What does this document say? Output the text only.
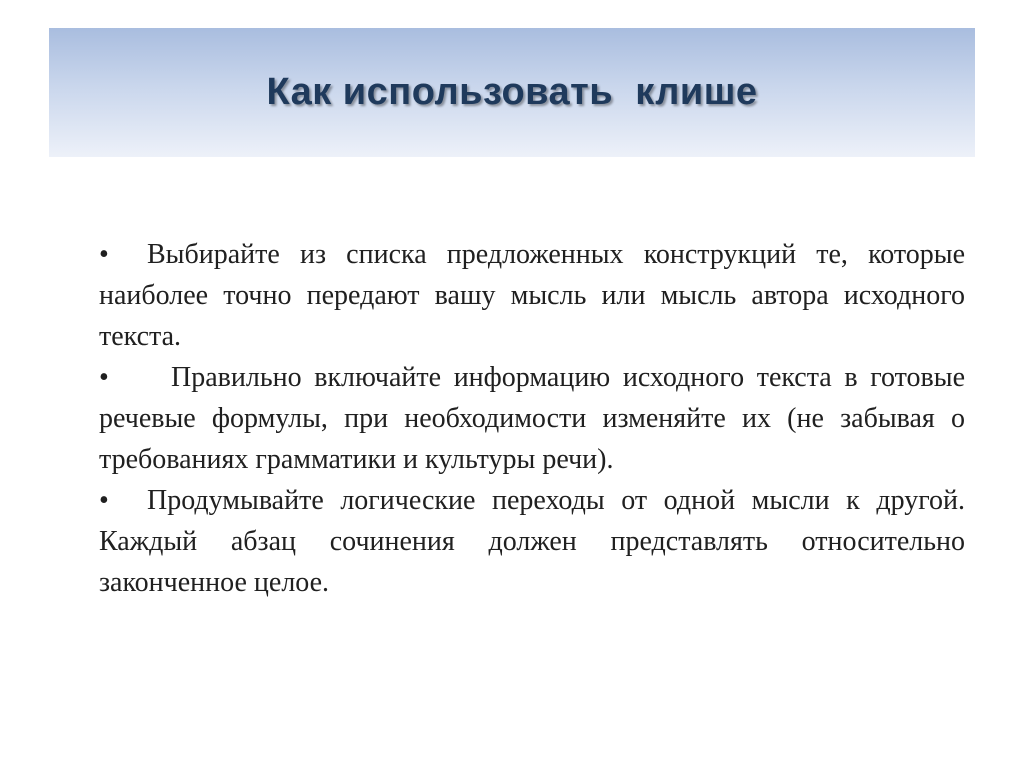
Как использовать  клише

• Выбирайте из списка предложенных конструкций те, которые наиболее точно передают вашу мысль или мысль автора исходного текста.

• Правильно включайте информацию исходного текста в готовые речевые формулы, при необходимости изменяйте их (не забывая о требованиях грамматики и культуры речи).

• Продумывайте логические переходы от одной мысли к другой. Каждый абзац сочинения должен представлять относительно законченное целое.
